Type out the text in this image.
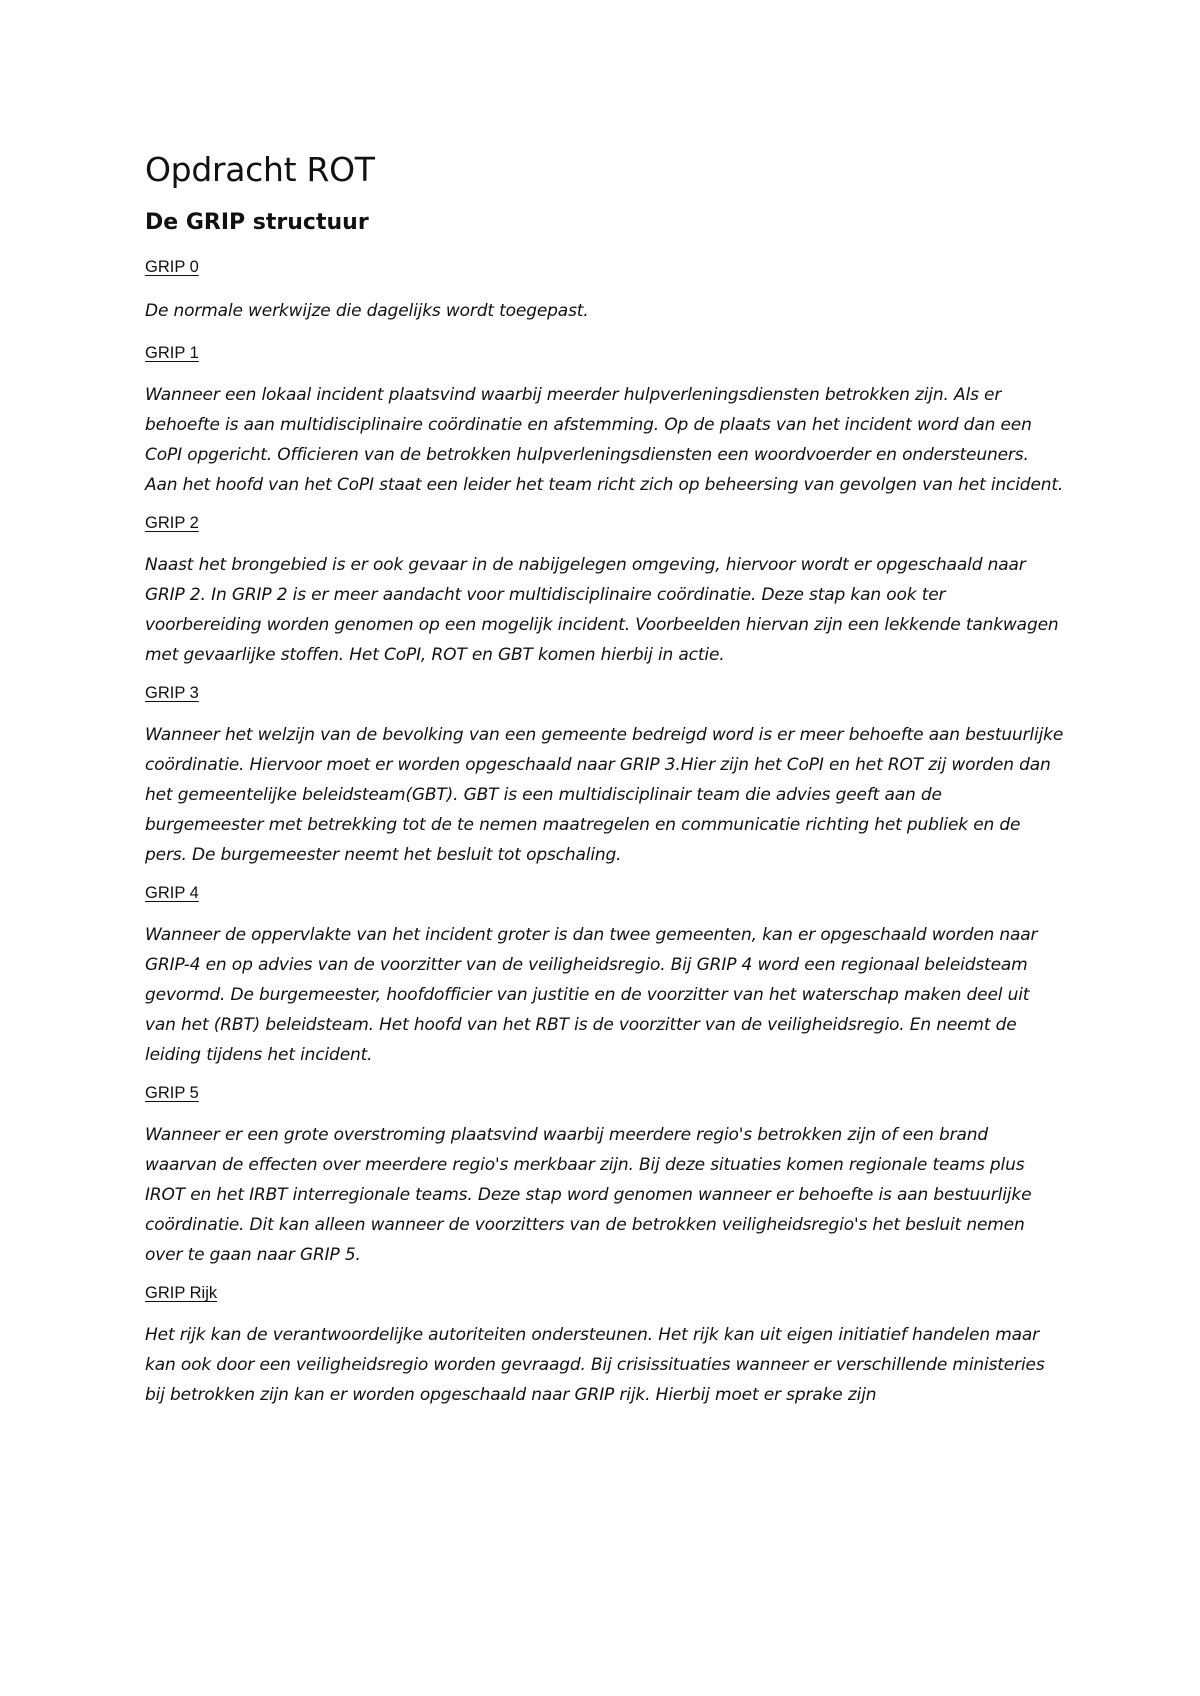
Opdracht ROT
De GRIP structuur
GRIP 0

De normale werkwijze die dagelijks wordt toegepast.

GRIP 1

Wanneer een lokaal incident plaatsvind waarbij meerder hulpverleningsdiensten betrokken zijn. Als er behoefte is aan multidisciplinaire coördinatie en afstemming. Op de plaats van het incident word dan een CoPI opgericht. Officieren van de betrokken hulpverleningsdiensten een woordvoerder en ondersteuners. Aan het hoofd van het CoPI staat een leider het team richt zich op beheersing van gevolgen van het incident.

GRIP 2

Naast het brongebied is er ook gevaar in de nabijgelegen omgeving, hiervoor wordt er opgeschaald naar GRIP 2. In GRIP 2 is er meer aandacht voor multidisciplinaire coördinatie. Deze stap kan ook ter voorbereiding worden genomen op een mogelijk incident. Voorbeelden hiervan zijn een lekkende tankwagen met gevaarlijke stoffen. Het CoPI, ROT en GBT komen hierbij in actie.

GRIP 3

Wanneer het welzijn van de bevolking van een gemeente bedreigd word is er meer behoefte aan bestuurlijke coördinatie. Hiervoor moet er worden opgeschaald naar GRIP 3.Hier zijn het CoPI en het ROT zij worden dan het gemeentelijke beleidsteam(GBT). GBT is een multidisciplinair team die advies geeft aan de burgemeester met betrekking tot de te nemen maatregelen en communicatie richting het publiek en de pers. De burgemeester neemt het besluit tot opschaling.

GRIP 4

Wanneer de oppervlakte van het incident groter is dan twee gemeenten, kan er opgeschaald worden naar GRIP-4 en op advies van de voorzitter van de veiligheidsregio. Bij GRIP 4 word een regionaal beleidsteam gevormd. De burgemeester, hoofdofficier van justitie en de voorzitter van het waterschap maken deel uit van het (RBT) beleidsteam. Het hoofd van het RBT is de voorzitter van de veiligheidsregio. En neemt de leiding tijdens het incident.

GRIP 5

Wanneer er een grote overstroming plaatsvind waarbij meerdere regio's betrokken zijn of een brand waarvan de effecten over meerdere regio's merkbaar zijn. Bij deze situaties komen regionale teams plus IROT en het IRBT interregionale teams. Deze stap word genomen wanneer er behoefte is aan bestuurlijke coördinatie. Dit kan alleen wanneer de voorzitters van de betrokken veiligheidsregio's het besluit nemen over te gaan naar GRIP 5.

GRIP Rijk

Het rijk kan de verantwoordelijke autoriteiten ondersteunen. Het rijk kan uit eigen initiatief handelen maar kan ook door een veiligheidsregio worden gevraagd. Bij crisissituaties wanneer er verschillende ministeries bij betrokken zijn kan er worden opgeschaald naar GRIP rijk. Hierbij moet er sprake zijn
